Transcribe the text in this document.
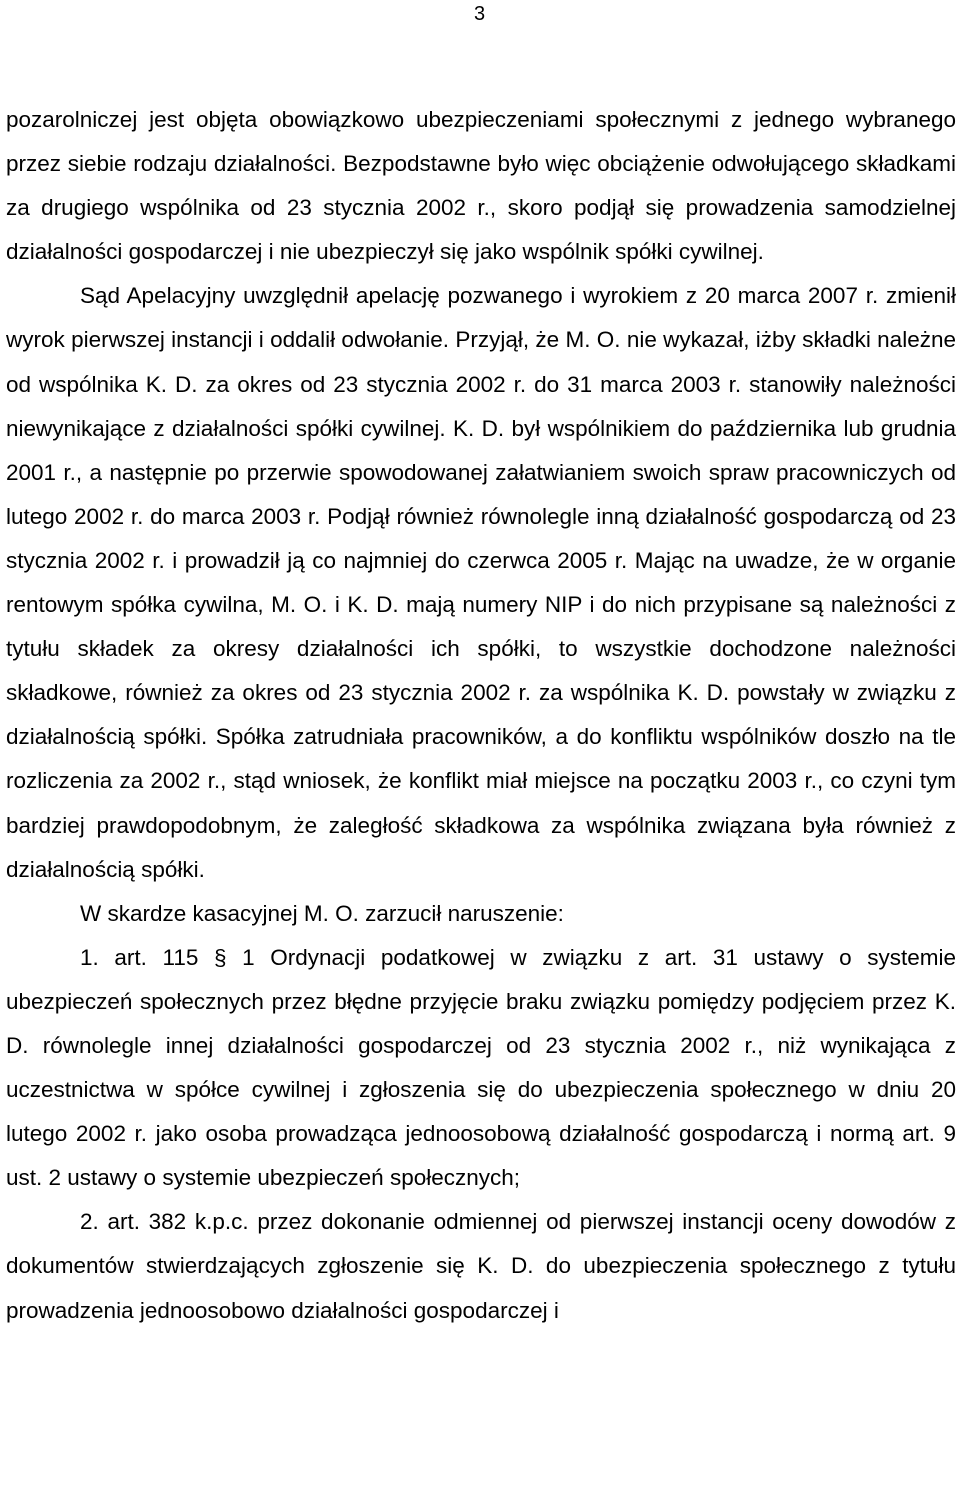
3

pozarolniczej jest objęta obowiązkowo ubezpieczeniami społecznymi z jednego wybranego przez siebie rodzaju działalności. Bezpodstawne było więc obciążenie odwołującego składkami za drugiego wspólnika od 23 stycznia 2002 r., skoro podjął się prowadzenia samodzielnej działalności gospodarczej i nie ubezpieczył się jako wspólnik spółki cywilnej.

Sąd Apelacyjny uwzględnił apelację pozwanego i wyrokiem z 20 marca 2007 r. zmienił wyrok pierwszej instancji i oddalił odwołanie. Przyjął, że M. O. nie wykazał, iżby składki należne od wspólnika K. D. za okres od 23 stycznia 2002 r. do 31 marca 2003 r. stanowiły należności niewynikające z działalności spółki cywilnej. K. D. był wspólnikiem do października lub grudnia 2001 r., a następnie po przerwie spowodowanej załatwianiem swoich spraw pracowniczych od lutego 2002 r. do marca 2003 r. Podjął również równolegle inną działalność gospodarczą od 23 stycznia 2002 r. i prowadził ją co najmniej do czerwca 2005 r. Mając na uwadze, że w organie rentowym spółka cywilna, M. O. i K. D. mają numery NIP i do nich przypisane są należności z tytułu składek za okresy działalności ich spółki, to wszystkie dochodzone należności składkowe, również za okres od 23 stycznia 2002 r. za wspólnika K. D. powstały w związku z działalnością spółki. Spółka zatrudniała pracowników, a do konfliktu wspólników doszło na tle rozliczenia za 2002 r., stąd wniosek, że konflikt miał miejsce na początku 2003 r., co czyni tym bardziej prawdopodobnym, że zaległość składkowa za wspólnika związana była również z działalnością spółki.

W skardze kasacyjnej M. O. zarzucił naruszenie:

1. art. 115 § 1 Ordynacji podatkowej w związku z art. 31 ustawy o systemie ubezpieczeń społecznych przez błędne przyjęcie braku związku pomiędzy podjęciem przez K. D. równolegle innej działalności gospodarczej od 23 stycznia 2002 r., niż wynikająca z uczestnictwa w spółce cywilnej i zgłoszenia się do ubezpieczenia społecznego w dniu 20 lutego 2002 r. jako osoba prowadząca jednoosobową działalność gospodarczą i normą art. 9 ust. 2 ustawy o systemie ubezpieczeń społecznych;

2. art. 382 k.p.c. przez dokonanie odmiennej od pierwszej instancji oceny dowodów z dokumentów stwierdzających zgłoszenie się K. D. do ubezpieczenia społecznego z tytułu prowadzenia jednoosobowo działalności gospodarczej i
